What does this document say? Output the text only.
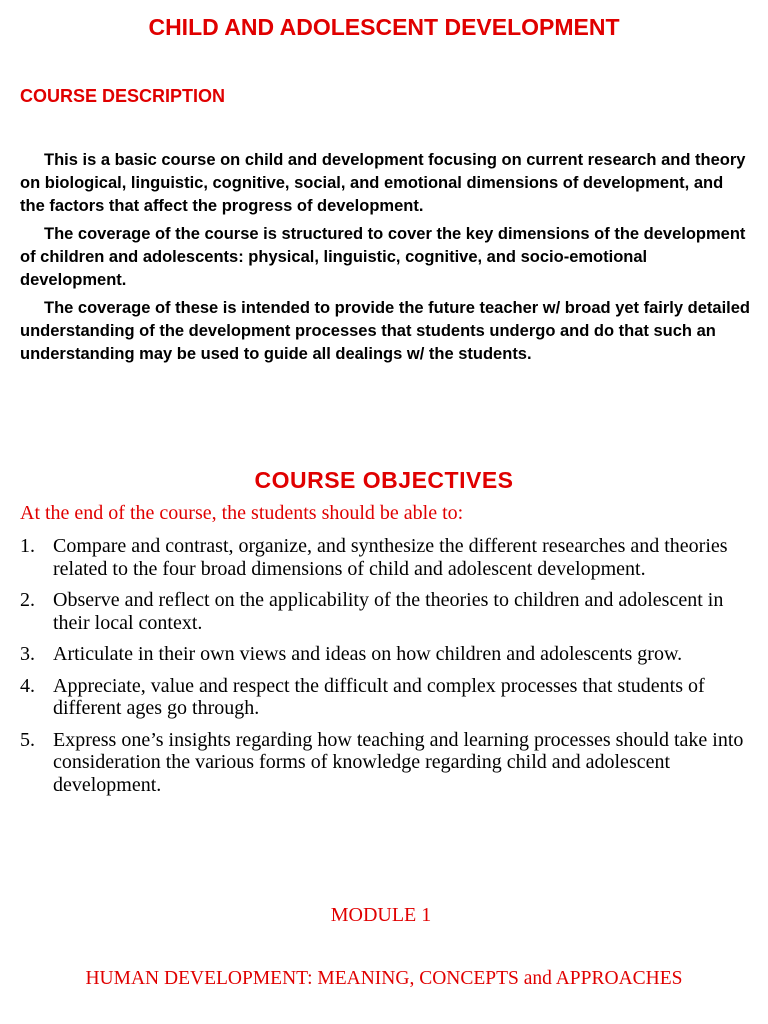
CHILD AND ADOLESCENT DEVELOPMENT
COURSE DESCRIPTION

This is a basic course on child and development focusing on current research and theory on biological, linguistic, cognitive, social, and emotional dimensions of development, and the factors that affect the progress of development.

The coverage of the course is structured to cover the key dimensions of the development of children and adolescents: physical, linguistic, cognitive, and socio-emotional development.

The coverage of these is intended to provide the future teacher w/ broad yet fairly detailed understanding of the development processes that students undergo and do that such an understanding may be used to guide all dealings w/ the students.

COURSE OBJECTIVES

At the end of the course, the students should be able to:

1. Compare and contrast, organize, and synthesize the different researches and theories related to the four broad dimensions of child and adolescent development.
2. Observe and reflect on the applicability of the theories to children and adolescent in their local context.
3. Articulate in their own views and ideas on how children and adolescents grow.
4. Appreciate, value and respect the difficult and complex processes that students of different ages go through.
5. Express one’s insights regarding how teaching and learning processes should take into consideration the various forms of knowledge regarding child and adolescent development.

MODULE 1

HUMAN DEVELOPMENT: MEANING, CONCEPTS and APPROACHES
